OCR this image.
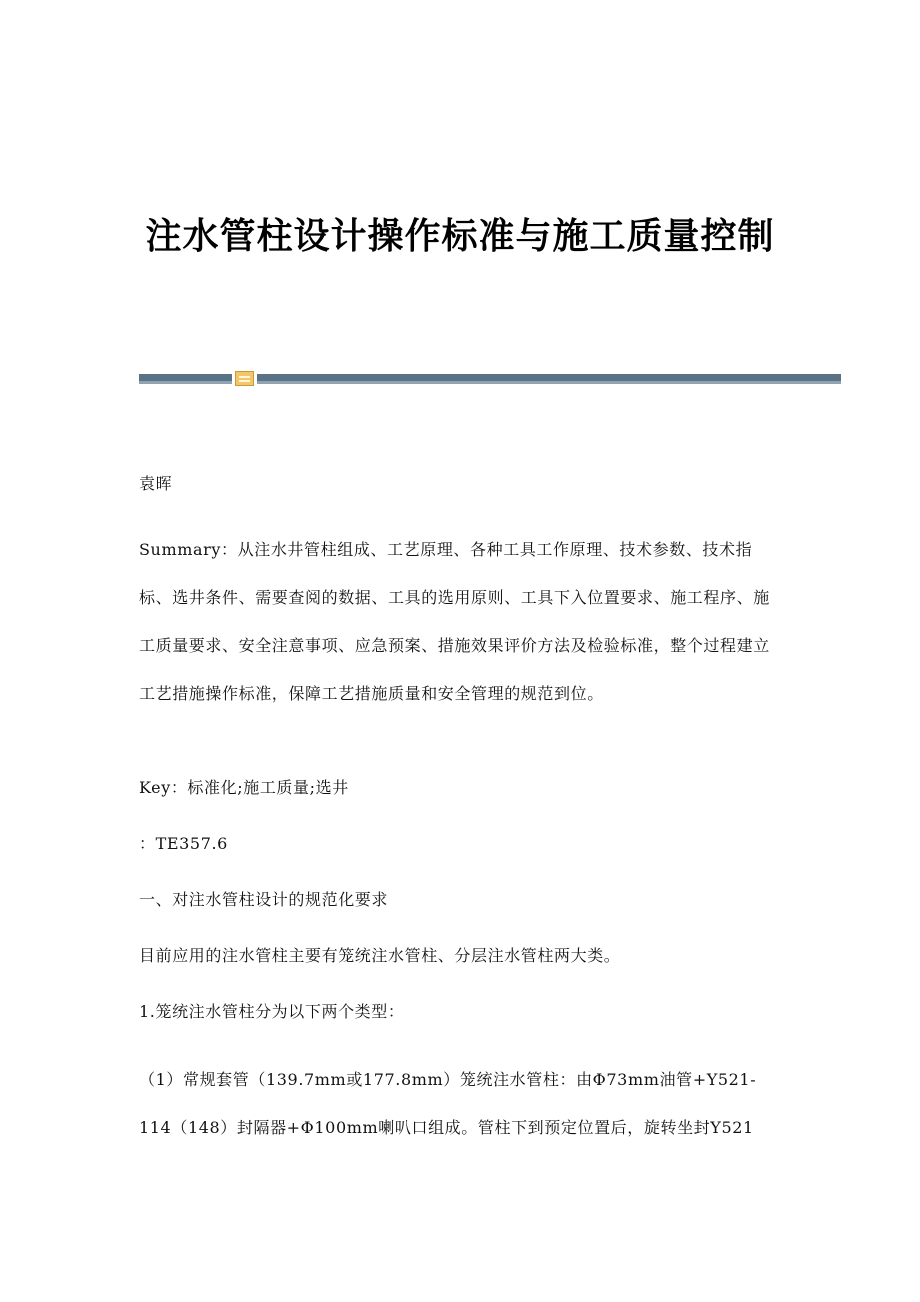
注水管柱设计操作标准与施工质量控制
袁晖
Summary：从注水井管柱组成、工艺原理、各种工具工作原理、技术参数、技术指标、选井条件、需要查阅的数据、工具的选用原则、工具下入位置要求、施工程序、施工质量要求、安全注意事项、应急预案、措施效果评价方法及检验标准，整个过程建立工艺措施操作标准，保障工艺措施质量和安全管理的规范到位。
Key：标准化;施工质量;选井
：TE357.6
一、对注水管柱设计的规范化要求
目前应用的注水管柱主要有笼统注水管柱、分层注水管柱两大类。
1.笼统注水管柱分为以下两个类型：
（1）常规套管（139.7mm或177.8mm）笼统注水管柱：由Φ73mm油管+Y521-114（148）封隔器+Φ100mm喇叭口组成。管柱下到预定位置后，旋转坐封Y521
